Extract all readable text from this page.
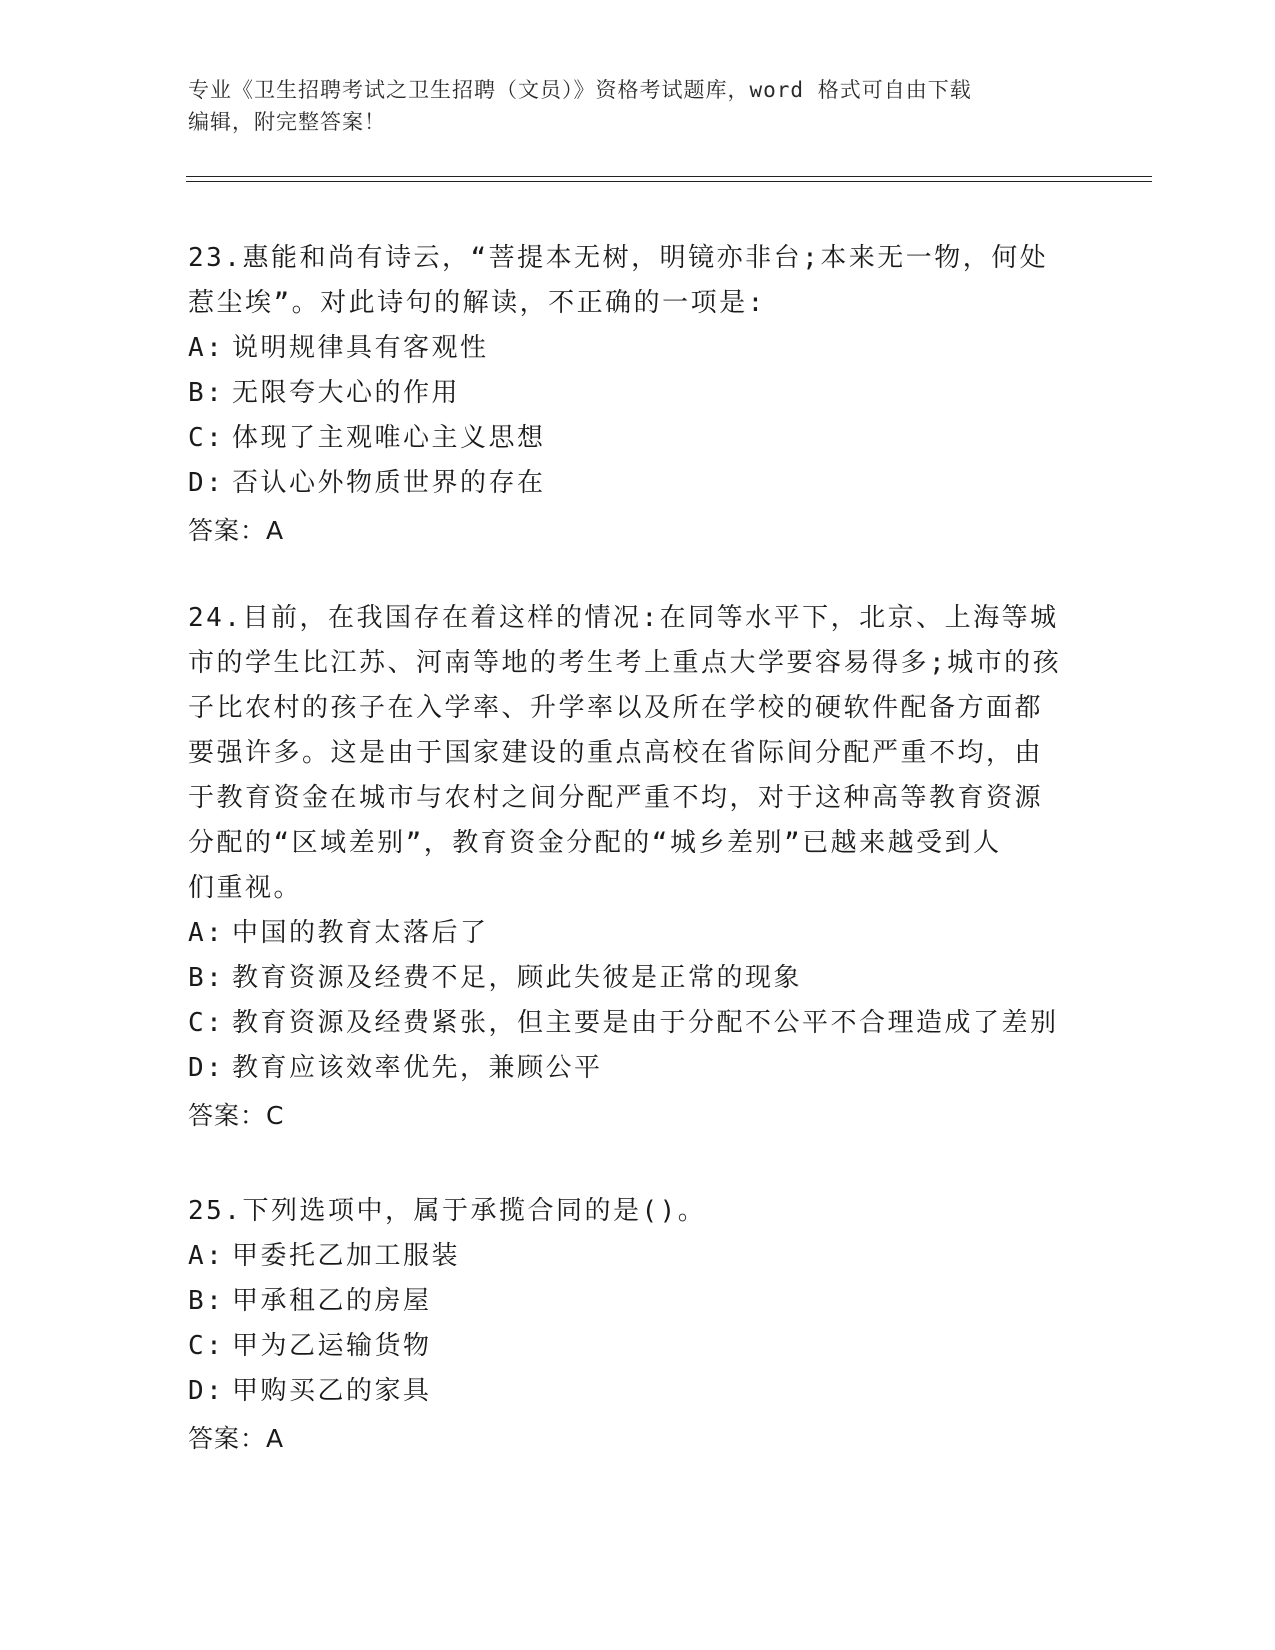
专业《卫生招聘考试之卫生招聘（文员）》资格考试题库，word 格式可自由下载
编辑，附完整答案！
23.惠能和尚有诗云，“菩提本无树，明镜亦非台;本来无一物，何处
惹尘埃”。对此诗句的解读，不正确的一项是:
A: 说明规律具有客观性
B: 无限夸大心的作用
C: 体现了主观唯心主义思想
D: 否认心外物质世界的存在
答案：A
24.目前，在我国存在着这样的情况:在同等水平下，北京、上海等城
市的学生比江苏、河南等地的考生考上重点大学要容易得多;城市的孩
子比农村的孩子在入学率、升学率以及所在学校的硬软件配备方面都
要强许多。这是由于国家建设的重点高校在省际间分配严重不均，由
于教育资金在城市与农村之间分配严重不均，对于这种高等教育资源
分配的“区域差别”，教育资金分配的“城乡差别”已越来越受到人
们重视。
A: 中国的教育太落后了
B: 教育资源及经费不足，顾此失彼是正常的现象
C: 教育资源及经费紧张，但主要是由于分配不公平不合理造成了差别
D: 教育应该效率优先，兼顾公平
答案：C
25.下列选项中，属于承揽合同的是()。
A: 甲委托乙加工服装
B: 甲承租乙的房屋
C: 甲为乙运输货物
D: 甲购买乙的家具
答案：A
